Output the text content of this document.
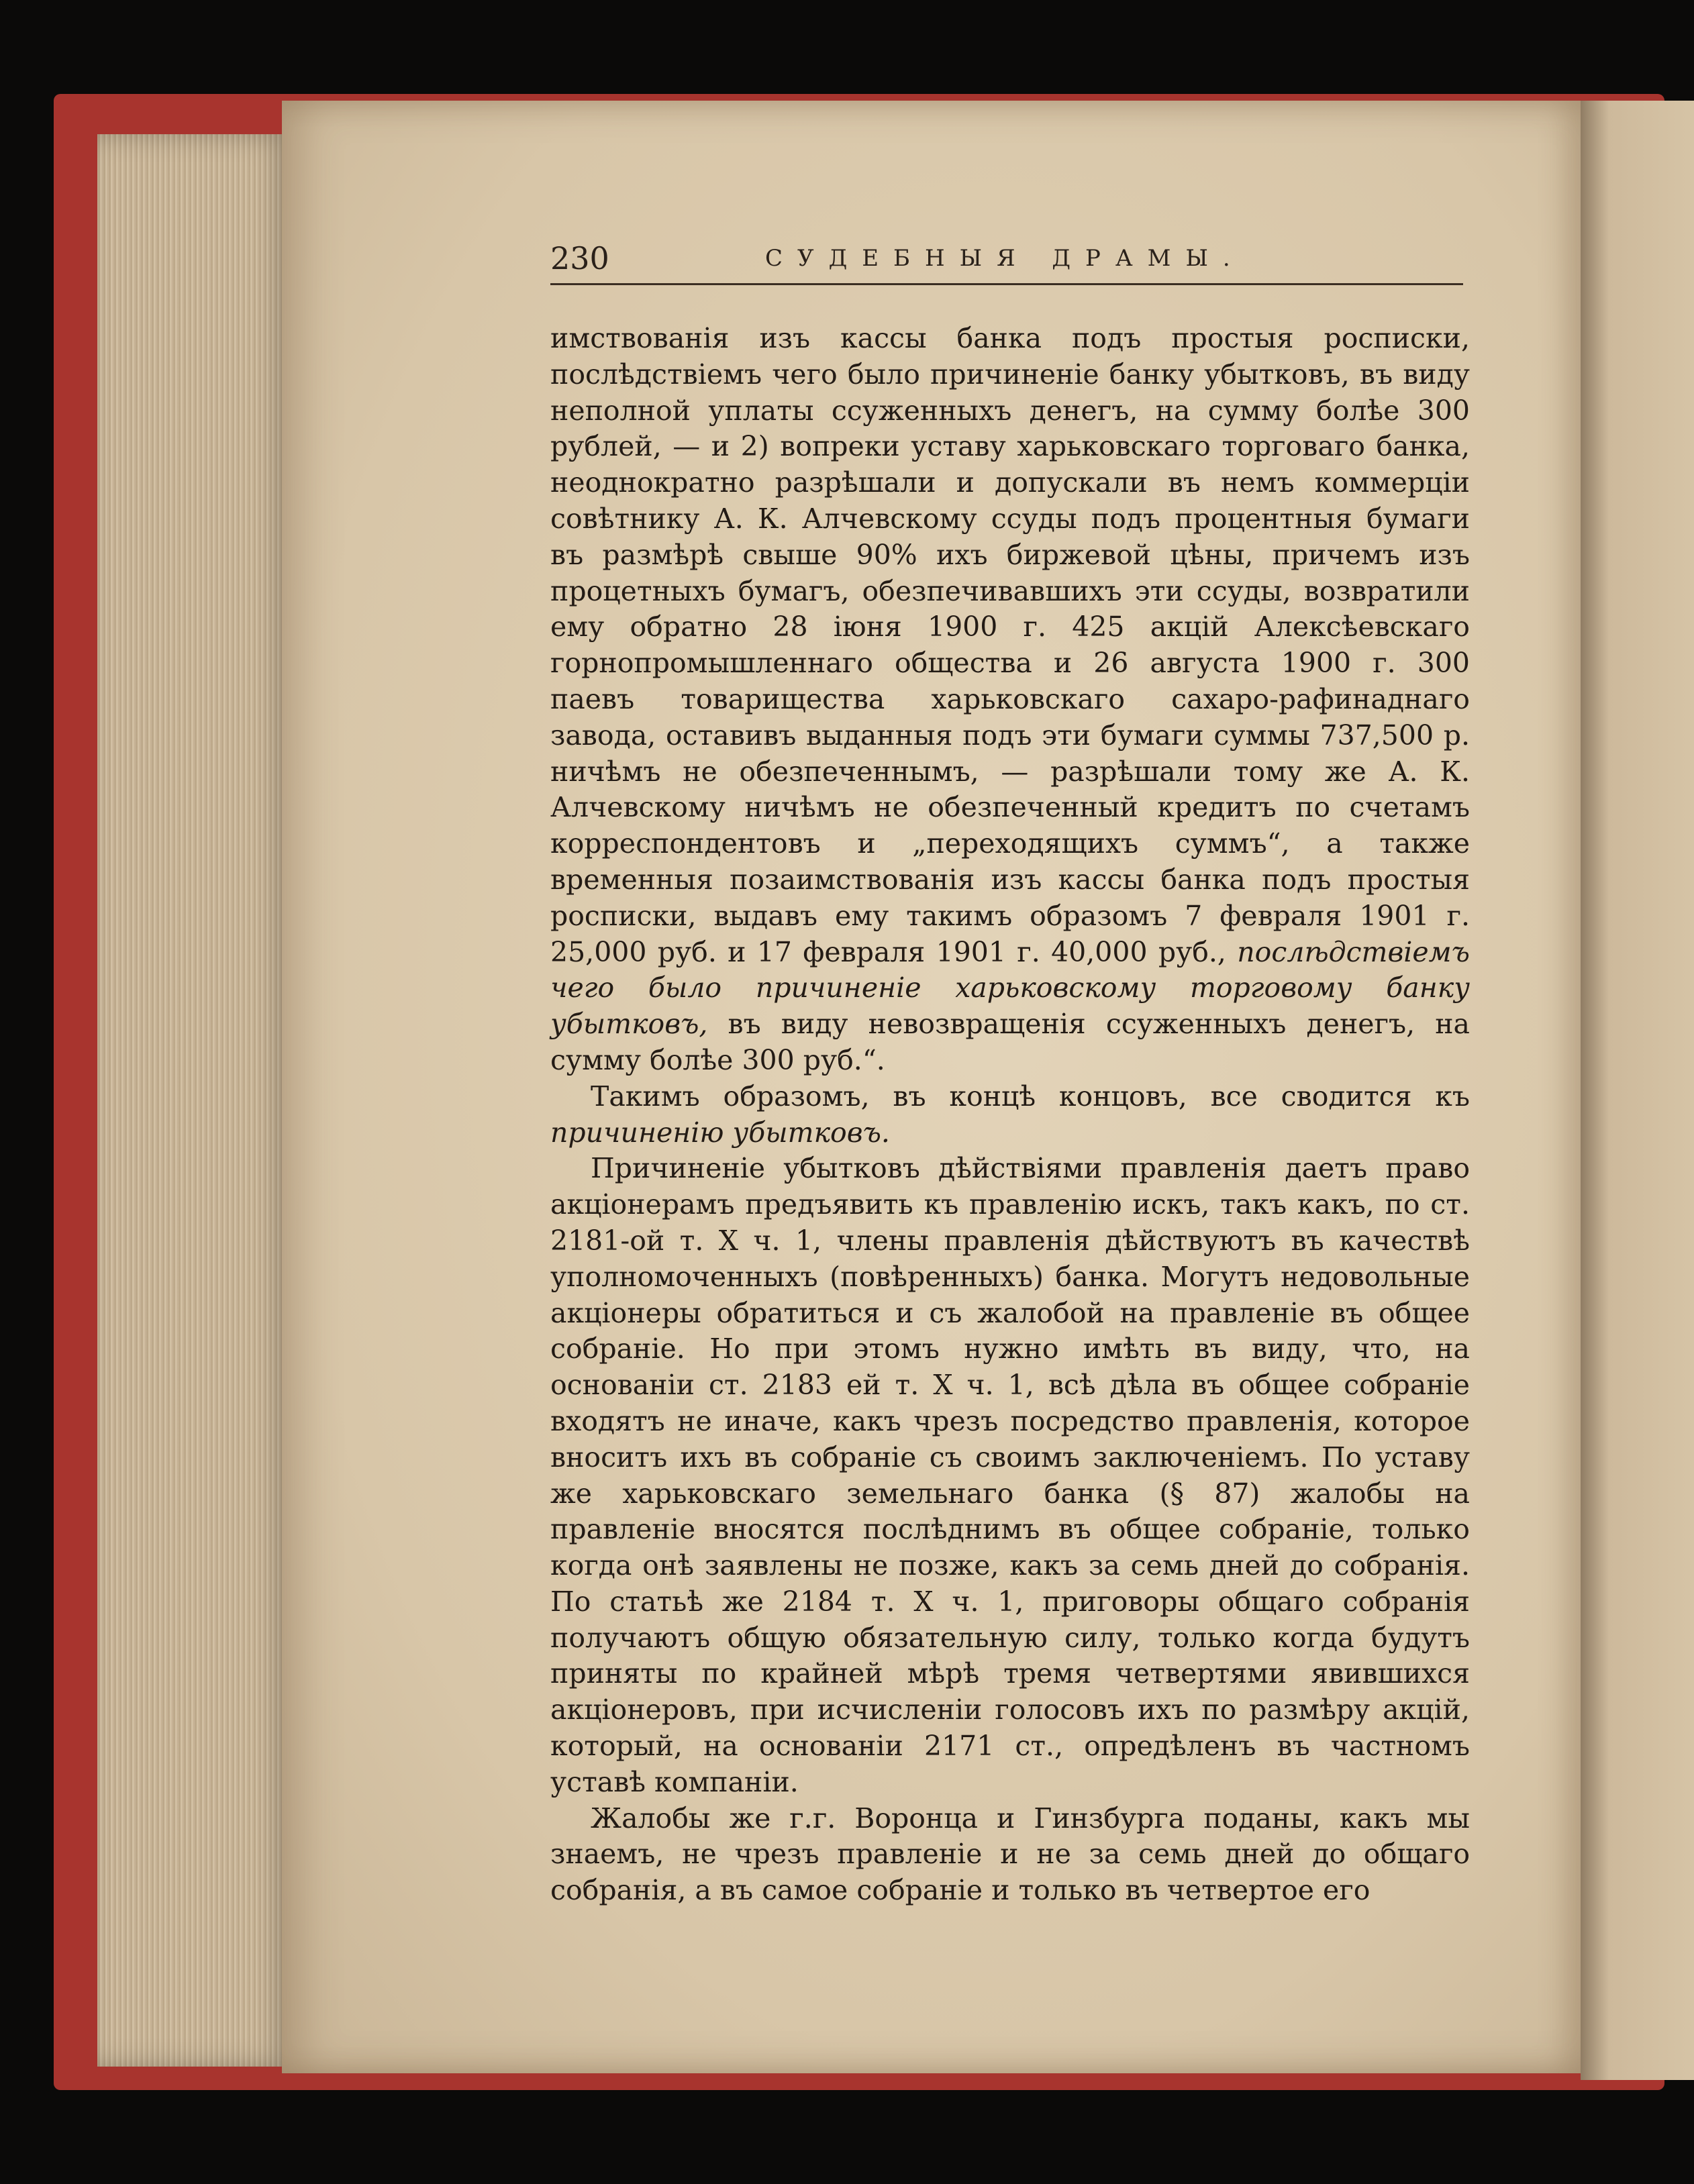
230	СУДЕБНЫЯ ДРАМЫ.

имствованія изъ кассы банка подъ простыя росписки, послѣдствіемъ чего было причиненіе банку убытковъ, въ виду неполной уплаты ссуженныхъ денегъ, на сумму болѣе 300 рублей, — и 2) вопреки уставу харьковскаго торговаго банка, неоднократно разрѣшали и допускали въ немъ коммерціи совѣтнику А. К. Алчевскому ссуды подъ процентныя бумаги въ размѣрѣ свыше 90% ихъ биржевой цѣны, причемъ изъ процетныхъ бумагъ, обезпечивавшихъ эти ссуды, возвратили ему обратно 28 іюня 1900 г. 425 акцій Алексѣевскаго горнопромышленнаго общества и 26 августа 1900 г. 300 паевъ товарищества харьковскаго сахаро-рафинаднаго завода, оставивъ выданныя подъ эти бумаги суммы 737,500 р. ничѣмъ не обезпеченнымъ, — разрѣшали тому же А. К. Алчевскому ничѣмъ не обезпеченный кредитъ по счетамъ корреспондентовъ и „переходящихъ суммъ“, а также временныя позаимствованія изъ кассы банка подъ простыя росписки, выдавъ ему такимъ образомъ 7 февраля 1901 г. 25,000 руб. и 17 февраля 1901 г. 40,000 руб., послѣдствіемъ чего было причиненіе харьковскому торговому банку убытковъ, въ виду невозвращенія ссуженныхъ денегъ, на сумму болѣе 300 руб.“.

Такимъ образомъ, въ концѣ концовъ, все сводится къ причиненію убытковъ.

Причиненіе убытковъ дѣйствіями правленія даетъ право акціонерамъ предъявить къ правленію искъ, такъ какъ, по ст. 2181-ой т. X ч. 1, члены правленія дѣйствуютъ въ качествѣ уполномоченныхъ (повѣренныхъ) банка. Могутъ недовольные акціонеры обратиться и съ жалобой на правленіе въ общее собраніе. Но при этомъ нужно имѣть въ виду, что, на основаніи ст. 2183 ей т. X ч. 1, всѣ дѣла въ общее собраніе входятъ не иначе, какъ чрезъ посредство правленія, которое вноситъ ихъ въ собраніе съ своимъ заключеніемъ. По уставу же харьковскаго земельнаго банка (§ 87) жалобы на правленіе вносятся послѣднимъ въ общее собраніе, только когда онѣ заявлены не позже, какъ за семь дней до собранія. По статьѣ же 2184 т. X ч. 1, приговоры общаго собранія получаютъ общую обязательную силу, только когда будутъ приняты по крайней мѣрѣ тремя четвертями явившихся акціонеровъ, при исчисленіи голосовъ ихъ по размѣру акцій, который, на основаніи 2171 ст., опредѣленъ въ частномъ уставѣ компаніи.

Жалобы же г.г. Воронца и Гинзбурга поданы, какъ мы знаемъ, не чрезъ правленіе и не за семь дней до общаго собранія, а въ самое собраніе и только въ четвертое его
